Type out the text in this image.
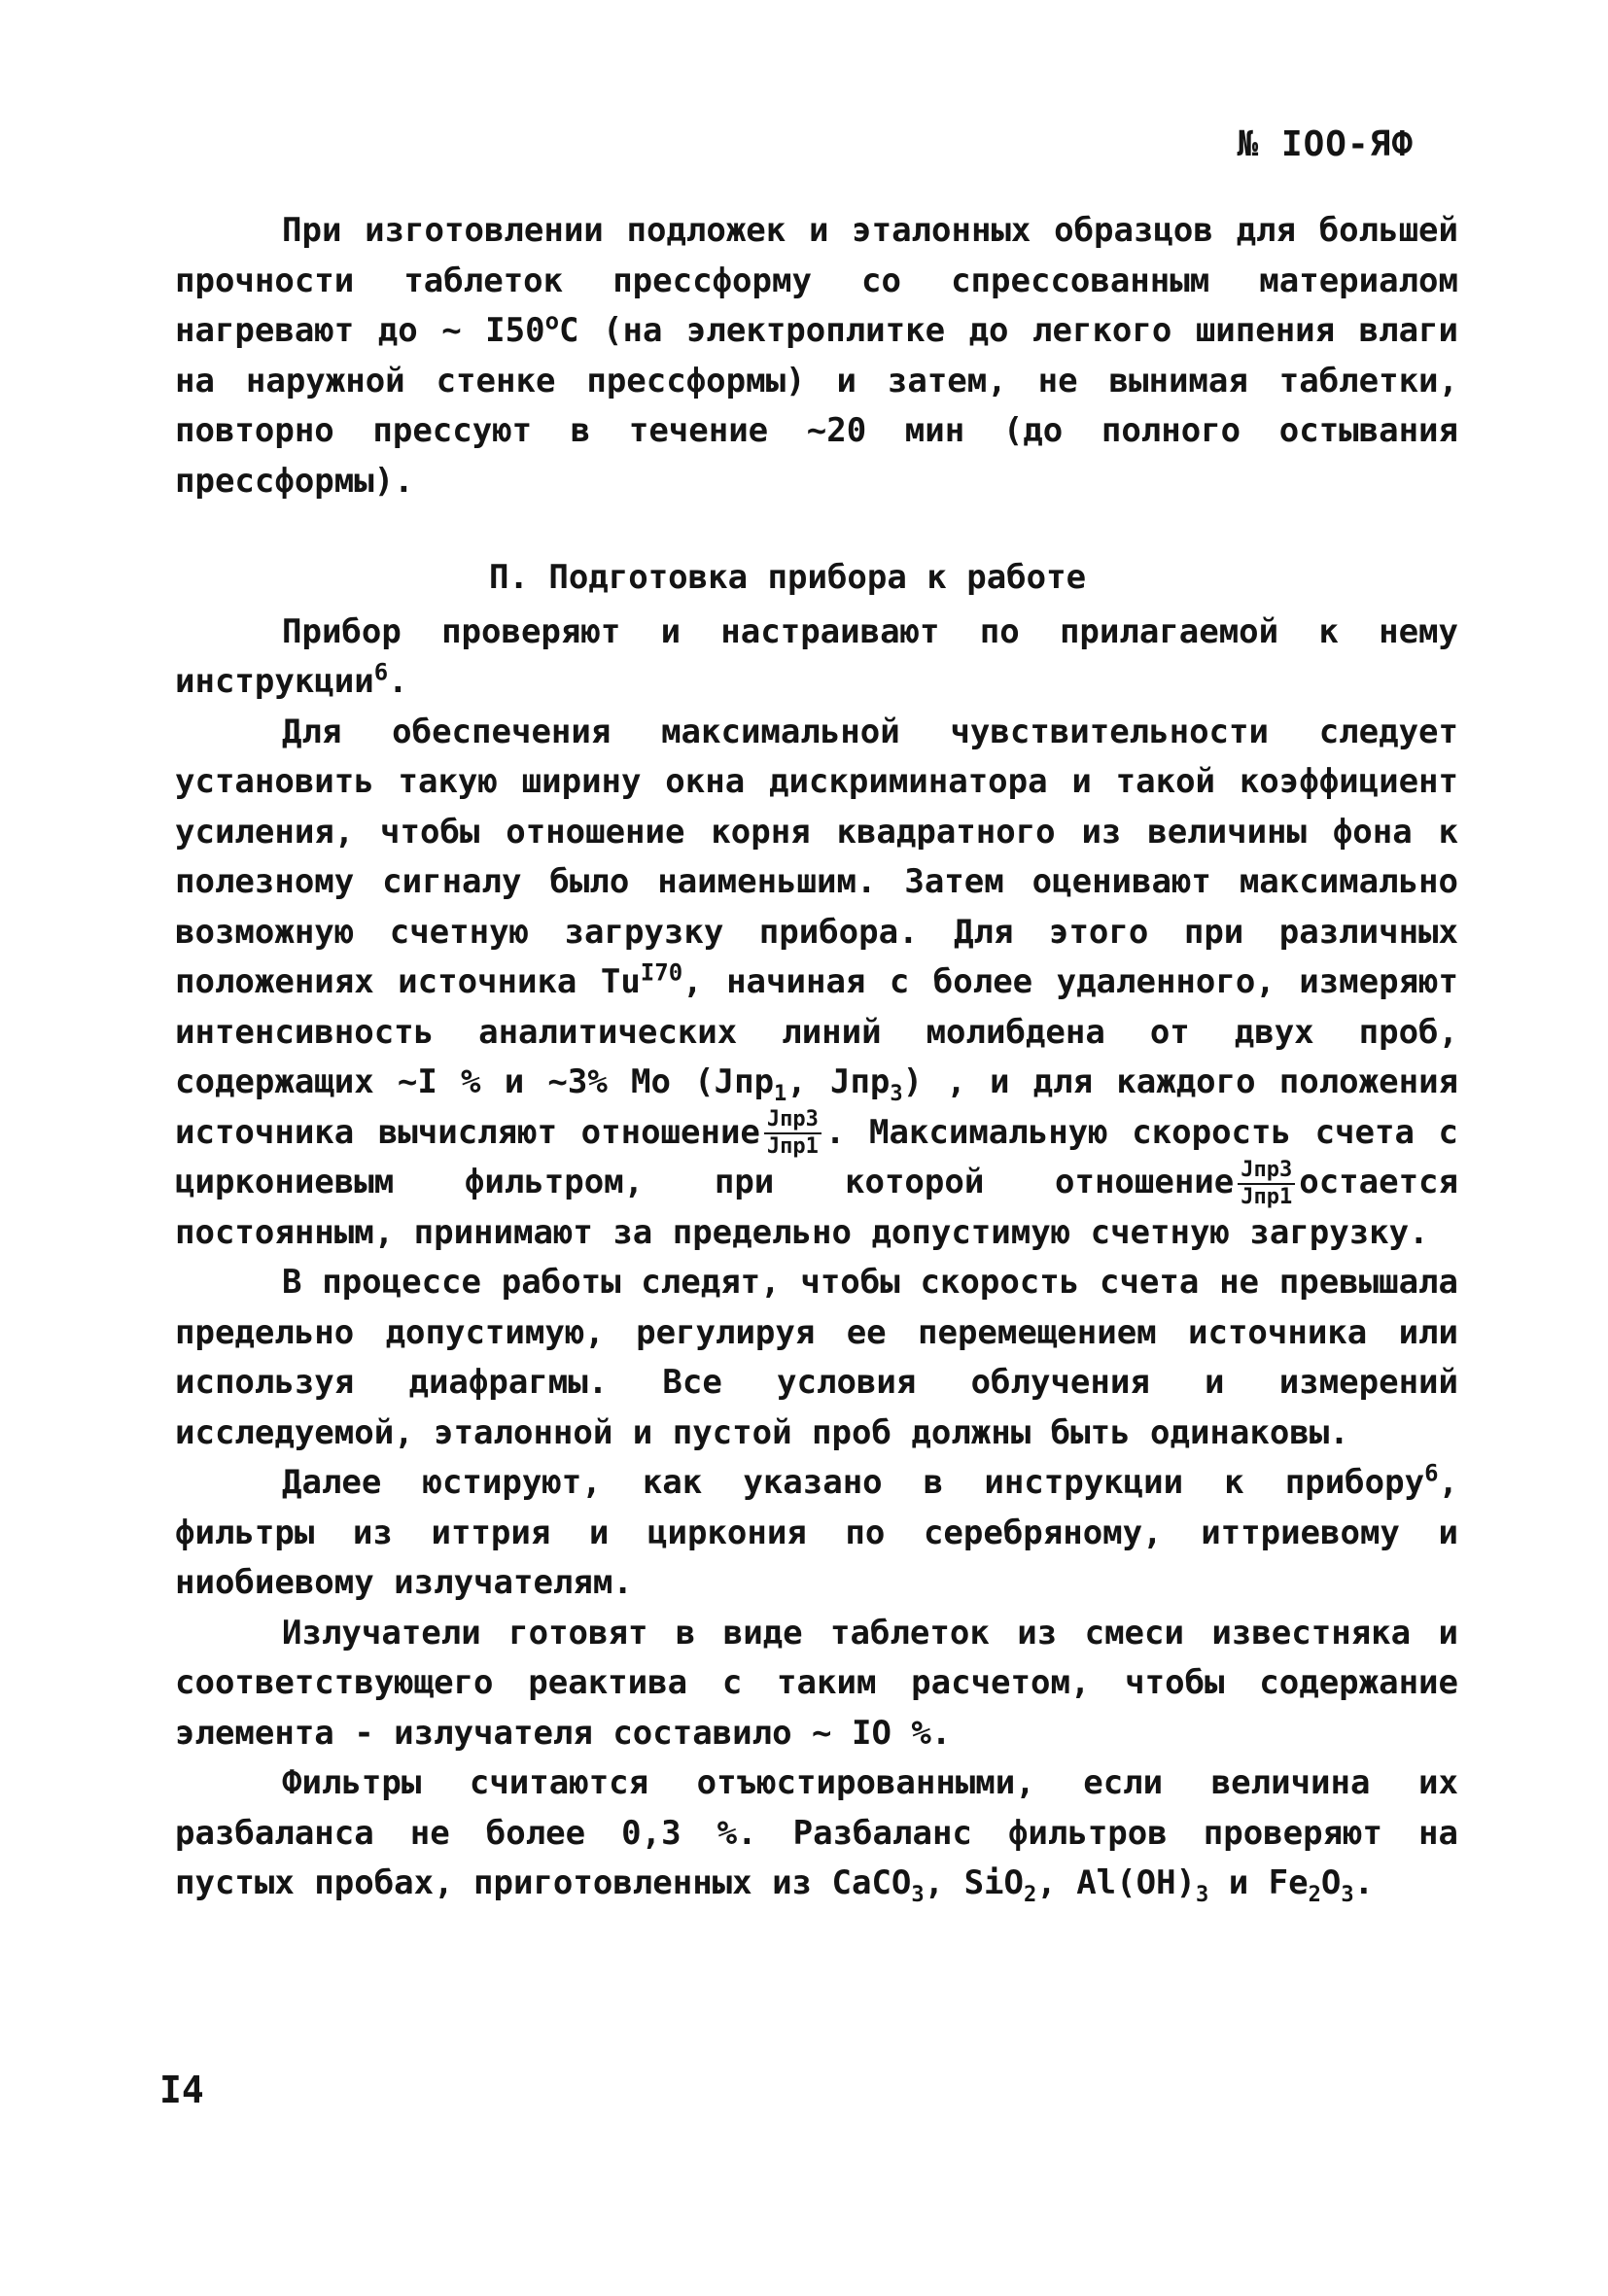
№ IOO-ЯФ

При изготовлении подложек и эталонных образцов для большей прочности таблеток прессформу со спрессованным материалом нагревают до ~ $I50^оС$ (на электроплитке до легкого шипения влаги на наружной стенке прессформы) и затем, не вынимая таблетки, повторно прессуют в течение ~20 мин (до полного остывания прессформы).

П. Подготовка прибора к работе

Прибор проверяют и настраивают по прилагаемой к нему инструкции$^6$.

Для обеспечения максимальной чувствительности следует установить такую ширину окна дискриминатора и такой коэффициент усиления, чтобы отношение корня квадратного из величины фона к полезному сигналу было наименьшим. Затем оценивают максимально возможную счетную загрузку прибора. Для этого при различных положениях источника $Tu^{I70}$, начиная с более удаленного, измеряют интенсивность аналитических линий молибдена от двух проб, содержащих ~I % и ~3% Mo (Jпр$_1$, Jпр$_3$) , и для каждого положения источника вычисляют отношение $\frac{\text{Jпр3}}{\text{Jпр1}}$ . Максимальную скорость счета с циркониевым фильтром, при которой отношение $\frac{\text{Jпр3}}{\text{Jпр1}}$ остается постоянным, принимают за предельно допустимую счетную загрузку.

В процессе работы следят, чтобы скорость счета не превышала предельно допустимую, регулируя ее перемещением источника или используя диафрагмы. Все условия облучения и измерений исследуемой, эталонной и пустой проб должны быть одинаковы.

Далее юстируют, как указано в инструкции к прибору$^6$, фильтры из иттрия и циркония по серебряному, иттриевому и ниобиевому излучателям.

Излучатели готовят в виде таблеток из смеси известняка и соответствующего реактива с таким расчетом, чтобы содержание элемента - излучателя составило ~ IO %.

Фильтры считаются отъюстированными, если величина их разбаланса не более 0,3 %. Разбаланс фильтров проверяют на пустых пробах, приготовленных из CaCO$_3$, SiO$_2$, $Al(OH)_3$ и $Fe_2O_3$.

I4
